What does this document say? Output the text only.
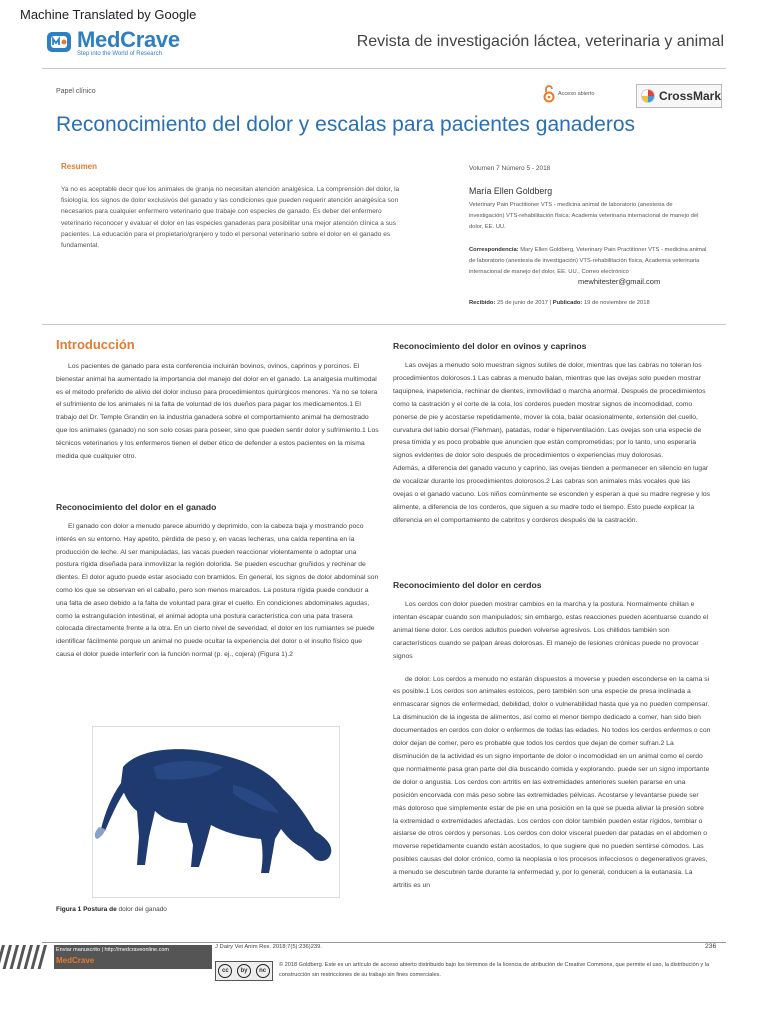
Machine Translated by Google
MedCrave
Step into the World of Research
Revista de investigación láctea, veterinaria y animal
Papel clínico	Acceso abierto	CrossMark
Reconocimiento del dolor y escalas para pacientes ganaderos
Resumen
Ya no es aceptable decir que los animales de granja no necesitan atención analgésica. La comprensión del dolor, la fisiología, los signos de dolor exclusivos del ganado y las condiciones que pueden requerir atención analgésica son necesarios para cualquier enfermero veterinario que trabaje con especies de ganado. Es deber del enfermero veterinario reconocer y evaluar el dolor en las especies ganaderas para posibilitar una mejor atención clínica a sus pacientes. La educación para el propietario/granjero y todo el personal veterinario sobre el dolor en el ganado es fundamental.
Volumen 7 Número 5 - 2018
María Ellen Goldberg
Veterinary Pain Practitioner VTS - medicina animal de laboratorio (anestesia de investigación) VTS-rehabilitación física; Academia veterinaria internacional de manejo del dolor, EE. UU.
Correspondencia: Mary Ellen Goldberg, Veterinary Pain Practitioner VTS - medicina animal de laboratorio (anestesia de investigación) VTS-rehabilitación física, Academia veterinaria internacional de manejo del dolor, EE. UU., Correo electrónico
mewhitester@gmail.com
Recibido: 25 de junio de 2017 | Publicado: 19 de noviembre de 2018
Introducción

Los pacientes de ganado para esta conferencia incluirán bovinos, ovinos, caprinos y porcinos. El bienestar animal ha aumentado la importancia del manejo del dolor en el ganado. La analgesia multimodal es el método preferido de alivio del dolor incluso para procedimientos quirúrgicos menores. Ya no se tolera el sufrimiento de los animales ni la falta de voluntad de los dueños para pagar los medicamentos.1 El trabajo del Dr. Temple Grandin en la industria ganadera sobre el comportamiento animal ha demostrado que los animales (ganado) no son solo cosas para poseer, sino que pueden sentir dolor y sufrimiento.1 Los técnicos veterinarios y los enfermeros tienen el deber ético de defender a estos pacientes en la misma medida que cualquier otro.

Reconocimiento del dolor en el ganado

El ganado con dolor a menudo parece aburrido y deprimido, con la cabeza baja y mostrando poco interés en su entorno. Hay apetito, pérdida de peso y, en vacas lecheras, una caída repentina en la producción de leche. Al ser manipuladas, las vacas pueden reaccionar violentamente o adoptar una postura rígida diseñada para inmovilizar la región dolorida. Se pueden escuchar gruñidos y rechinar de dientes. El dolor agudo puede estar asociado con bramidos. En general, los signos de dolor abdominal son como los que se observan en el caballo, pero son menos marcados. La postura rígida puede conducir a una falta de aseo debido a la falta de voluntad para girar el cuello. En condiciones abdominales agudas, como la estrangulación intestinal, el animal adopta una postura característica con una pata trasera colocada directamente frente a la otra. En un cierto nivel de severidad, el dolor en los rumiantes se puede identificar fácilmente porque un animal no puede ocultar la experiencia del dolor o el insulto físico que causa el dolor puede interferir con la función normal (p. ej., cojera) (Figura 1).2

Figura 1 Postura de dolor del ganado
Reconocimiento del dolor en ovinos y caprinos

Las ovejas a menudo solo muestran signos sutiles de dolor, mientras que las cabras no toleran los procedimientos dolorosos.1 Las cabras a menudo balan, mientras que las ovejas solo pueden mostrar taquipnea, inapetencia, rechinar de dientes, inmovilidad o marcha anormal. Después de procedimientos como la castración y el corte de la cola, los corderos pueden mostrar signos de incomodidad, como ponerse de pie y acostarse repetidamente, mover la cola, balar ocasionalmente, extensión del cuello, curvatura del labio dorsal (Flehman), patadas, rodar e hiperventilación. Las ovejas son una especie de presa tímida y es poco probable que anuncien que están comprometidas; por lo tanto, uno esperaría signos evidentes de dolor solo después de procedimientos o experiencias muy dolorosas.

Además, a diferencia del ganado vacuno y caprino, las ovejas tienden a permanecer en silencio en lugar de vocalizar durante los procedimientos dolorosos.2 Las cabras son animales más vocales que las ovejas o el ganado vacuno. Los niños comúnmente se esconden y esperan a que su madre regrese y los alimente, a diferencia de los corderos, que siguen a su madre todo el tiempo. Esto puede explicar la diferencia en el comportamiento de cabritos y corderos después de la castración.

Reconocimiento del dolor en cerdos

Los cerdos con dolor pueden mostrar cambios en la marcha y la postura. Normalmente chillan e intentan escapar cuando son manipulados; sin embargo, estas reacciones pueden acentuarse cuando el animal tiene dolor. Los cerdos adultos pueden volverse agresivos. Los chillidos también son característicos cuando se palpan áreas dolorosas. El manejo de lesiones crónicas puede no provocar signos

de dolor. Los cerdos a menudo no estarán dispuestos a moverse y pueden esconderse en la cama si es posible.1 Los cerdos son animales estoicos, pero también son una especie de presa inclinada a enmascarar signos de enfermedad, debilidad, dolor o vulnerabilidad hasta que ya no pueden compensar. La disminución de la ingesta de alimentos, así como el menor tiempo dedicado a comer, han sido bien documentados en cerdos con dolor o enfermos de todas las edades. No todos los cerdos enfermos o con dolor dejan de comer, pero es probable que todos los cerdos que dejan de comer sufran.2 La disminución de la actividad es un signo importante de dolor o incomodidad en un animal como el cerdo que normalmente pasa gran parte del día buscando comida y explorando. puede ser un signo importante de dolor o angustia. Los cerdos con artritis en las extremidades anteriores suelen pararse en una posición encorvada con más peso sobre las extremidades pélvicas. Acostarse y levantarse puede ser más doloroso que simplemente estar de pie en una posición en la que se pueda aliviar la presión sobre la extremidad o extremidades afectadas. Los cerdos con dolor también pueden estar rígidos, temblar o aislarse de otros cerdos y personas. Los cerdos con dolor visceral pueden dar patadas en el abdomen o moverse repetidamente cuando están acostados, lo que sugiere que no pueden sentirse cómodos. Las posibles causas del dolor crónico, como la neoplasia o los procesos infecciosos o degenerativos graves, a menudo se descubren tarde durante la enfermedad y, por lo general, conducen a la eutanasia. La artritis es un

Enviar manuscrito | http://medcraveonline.com
MedCrave
J Dairy Vet Anim Res. 2018;7(5):236)239.	236
cc	by	nc
© 2018 Goldberg. Este es un artículo de acceso abierto distribuido bajo los términos de la licencia de atribución de Creative Commons, que permite el uso, la distribución y la construcción sin restricciones de su trabajo sin fines comerciales.
